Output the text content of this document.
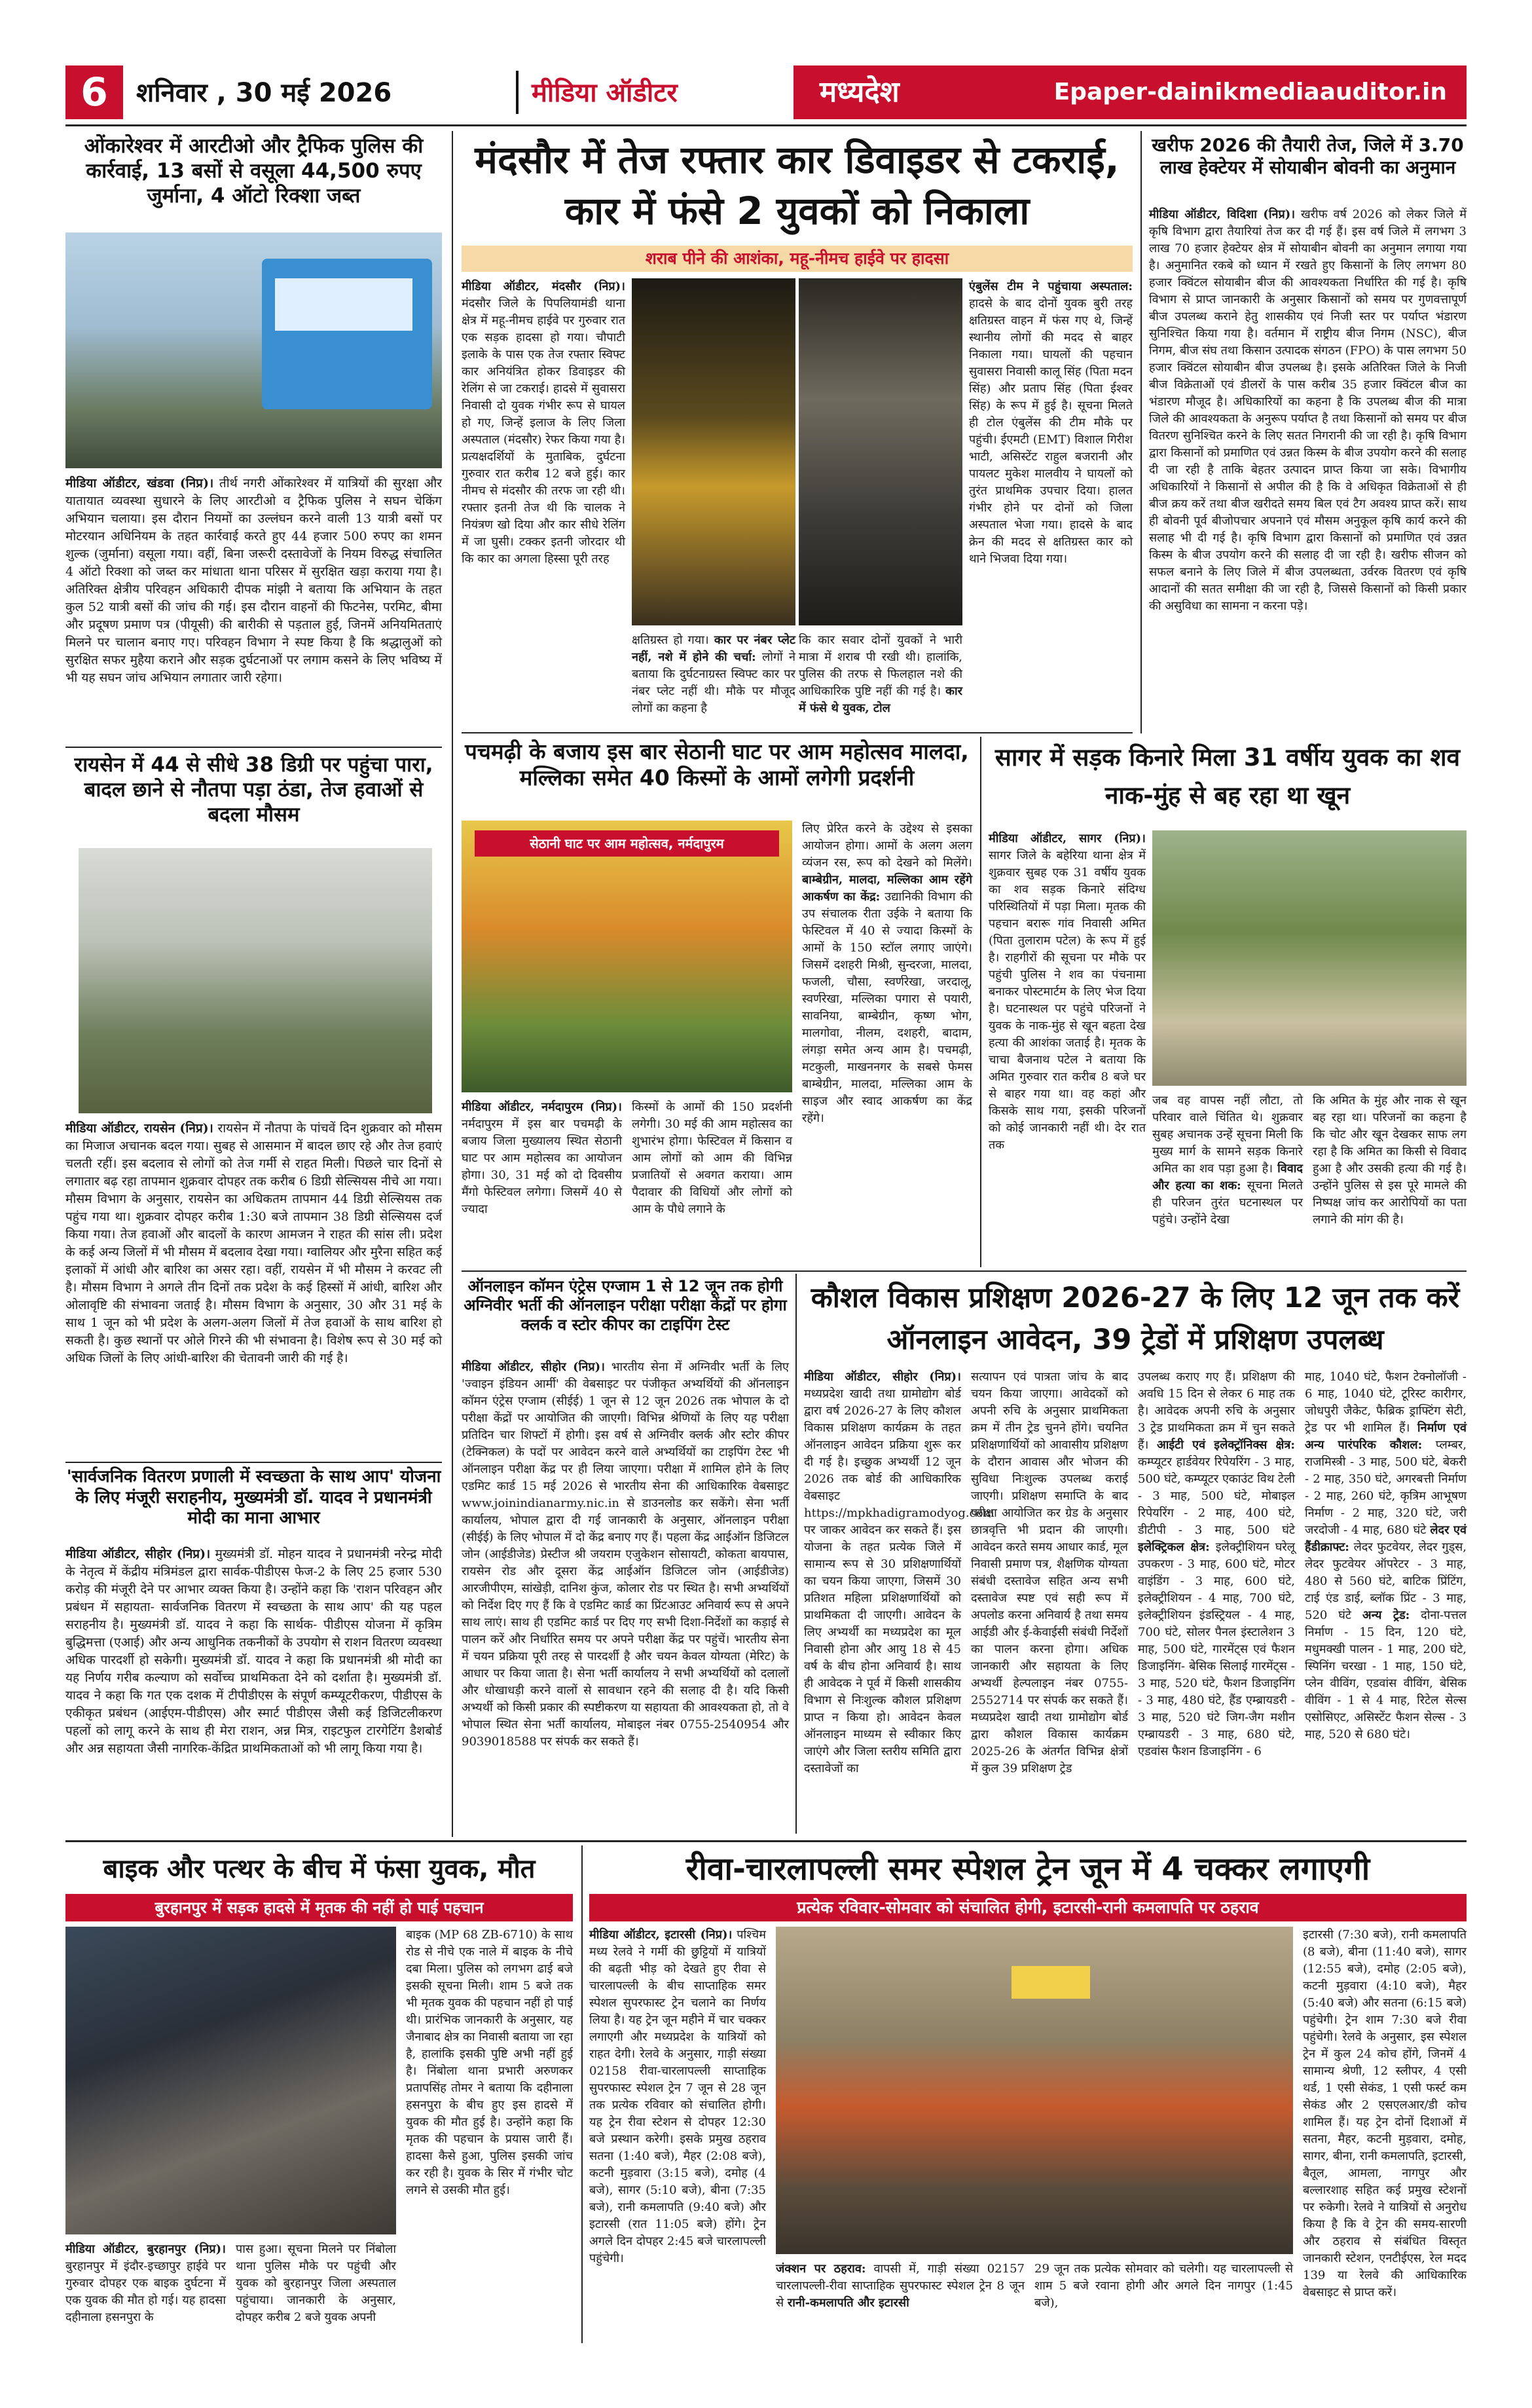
6	शनिवार , 30 मई 2026	मीडिया ऑडीटर	मध्यदेश	Epaper-dainikmediaauditor.in
ओंकारेश्वर में आरटीओ और ट्रैफिक पुलिस की कार्रवाई, 13 बसों से वसूला 44,500 रुपए जुर्माना, 4 ऑटो रिक्शा जब्त
मीडिया ऑडीटर, खंडवा (निप्र)। तीर्थ नगरी ओंकारेश्वर में यात्रियों की सुरक्षा और यातायात व्यवस्था सुधारने के लिए आरटीओ व ट्रैफिक पुलिस ने सघन चेकिंग अभियान चलाया। इस दौरान नियमों का उल्लंघन करने वाली 13 यात्री बसों पर मोटरयान अधिनियम के तहत कार्रवाई करते हुए 44 हजार 500 रुपए का शमन शुल्क (जुर्माना) वसूला गया। वहीं, बिना जरूरी दस्तावेजों के नियम विरुद्ध संचालित 4 ऑटो रिक्शा को जब्त कर मांधाता थाना परिसर में सुरक्षित खड़ा कराया गया है। अतिरिक्त क्षेत्रीय परिवहन अधिकारी दीपक मांझी ने बताया कि अभियान के तहत कुल 52 यात्री बसों की जांच की गई। इस दौरान वाहनों की फिटनेस, परमिट, बीमा और प्रदूषण प्रमाण पत्र (पीयूसी) की बारीकी से पड़ताल हुई, जिनमें अनियमितताएं मिलने पर चालान बनाए गए। परिवहन विभाग ने स्पष्ट किया है कि श्रद्धालुओं को सुरक्षित सफर मुहैया कराने और सड़क दुर्घटनाओं पर लगाम कसने के लिए भविष्य में भी यह सघन जांच अभियान लगातार जारी रहेगा।
रायसेन में 44 से सीधे 38 डिग्री पर पहुंचा पारा, बादल छाने से नौतपा पड़ा ठंडा, तेज हवाओं से बदला मौसम
मीडिया ऑडीटर, रायसेन (निप्र)। रायसेन में नौतपा के पांचवें दिन शुक्रवार को मौसम का मिजाज अचानक बदल गया। सुबह से आसमान में बादल छाए रहे और तेज हवाएं चलती रहीं। इस बदलाव से लोगों को तेज गर्मी से राहत मिली। पिछले चार दिनों से लगातार बढ़ रहा तापमान शुक्रवार दोपहर तक करीब 6 डिग्री सेल्सियस नीचे आ गया। मौसम विभाग के अनुसार, रायसेन का अधिकतम तापमान 44 डिग्री सेल्सियस तक पहुंच गया था। शुक्रवार दोपहर करीब 1:30 बजे तापमान 38 डिग्री सेल्सियस दर्ज किया गया। तेज हवाओं और बादलों के कारण आमजन ने राहत की सांस ली। प्रदेश के कई अन्य जिलों में भी मौसम में बदलाव देखा गया। ग्वालियर और मुरैना सहित कई इलाकों में आंधी और बारिश का असर रहा। वहीं, रायसेन में भी मौसम ने करवट ली है। मौसम विभाग ने अगले तीन दिनों तक प्रदेश के कई हिस्सों में आंधी, बारिश और ओलावृष्टि की संभावना जताई है। मौसम विभाग के अनुसार, 30 और 31 मई के साथ 1 जून को भी प्रदेश के अलग-अलग जिलों में तेज हवाओं के साथ बारिश हो सकती है। कुछ स्थानों पर ओले गिरने की भी संभावना है। विशेष रूप से 30 मई को अधिक जिलों के लिए आंधी-बारिश की चेतावनी जारी की गई है।
'सार्वजनिक वितरण प्रणाली में स्वच्छता के साथ आप' योजना के लिए मंजूरी सराहनीय, मुख्यमंत्री डॉ. यादव ने प्रधानमंत्री मोदी का माना आभार
मीडिया ऑडीटर, सीहोर (निप्र)। मुख्यमंत्री डॉ. मोहन यादव ने प्रधानमंत्री नरेन्द्र मोदी के नेतृत्व में केंद्रीय मंत्रिमंडल द्वारा सार्वक-पीडीएस फेज-2 के लिए 25 हजार 530 करोड़ की मंजूरी देने पर आभार व्यक्त किया है। उन्होंने कहा कि 'राशन परिवहन और प्रबंधन में सहायता- सार्वजनिक वितरण में स्वच्छता के साथ आप' की यह पहल सराहनीय है। मुख्यमंत्री डॉ. यादव ने कहा कि सार्थक- पीडीएस योजना में कृत्रिम बुद्धिमत्ता (एआई) और अन्य आधुनिक तकनीकों के उपयोग से राशन वितरण व्यवस्था अधिक पारदर्शी हो सकेगी। मुख्यमंत्री डॉ. यादव ने कहा कि प्रधानमंत्री श्री मोदी का यह निर्णय गरीब कल्याण को सर्वोच्च प्राथमिकता देने को दर्शाता है। मुख्यमंत्री डॉ. यादव ने कहा कि गत एक दशक में टीपीडीएस के संपूर्ण कम्प्यूटरीकरण, पीडीएस के एकीकृत प्रबंधन (आईएम-पीडीएस) और स्मार्ट पीडीएस जैसी कई डिजिटलीकरण पहलों को लागू करने के साथ ही मेरा राशन, अन्न मित्र, राइटफुल टारगेटिंग डैशबोर्ड और अन्न सहायता जैसी नागरिक-केंद्रित प्राथमिकताओं को भी लागू किया गया है।
मंदसौर में तेज रफ्तार कार डिवाइडर से टकराई, कार में फंसे 2 युवकों को निकाला
शराब पीने की आशंका, महू-नीमच हाईवे पर हादसा
मीडिया ऑडीटर, मंदसौर (निप्र)। मंदसौर जिले के पिपलियामंडी थाना क्षेत्र में महू-नीमच हाईवे पर गुरुवार रात एक सड़क हादसा हो गया। चौपाटी इलाके के पास एक तेज रफ्तार स्विफ्ट कार अनियंत्रित होकर डिवाइडर की रेलिंग से जा टकराई। हादसे में सुवासरा निवासी दो युवक गंभीर रूप से घायल हो गए, जिन्हें इलाज के लिए जिला अस्पताल (मंदसौर) रेफर किया गया है। प्रत्यक्षदर्शियों के मुताबिक, दुर्घटना गुरुवार रात करीब 12 बजे हुई। कार नीमच से मंदसौर की तरफ जा रही थी। रफ्तार इतनी तेज थी कि चालक ने नियंत्रण खो दिया और कार सीधे रेलिंग में जा घुसी। टक्कर इतनी जोरदार थी कि कार का अगला हिस्सा पूरी तरह
एंबुलेंस टीम ने पहुंचाया अस्पताल: हादसे के बाद दोनों युवक बुरी तरह क्षतिग्रस्त वाहन में फंस गए थे, जिन्हें स्थानीय लोगों की मदद से बाहर निकाला गया। घायलों की पहचान सुवासरा निवासी कालू सिंह (पिता मदन सिंह) और प्रताप सिंह (पिता ईश्वर सिंह) के रूप में हुई है। सूचना मिलते ही टोल एंबुलेंस की टीम मौके पर पहुंची। ईएमटी (EMT) विशाल गिरीश भाटी, असिस्टेंट राहुल बजरानी और पायलट मुकेश मालवीय ने घायलों को तुरंत प्राथमिक उपचार दिया। हालत गंभीर होने पर दोनों को जिला अस्पताल भेजा गया। हादसे के बाद क्रेन की मदद से क्षतिग्रस्त कार को थाने भिजवा दिया गया।
क्षतिग्रस्त हो गया। कार पर नंबर प्लेट नहीं, नशे में होने की चर्चा: लोगों ने बताया कि दुर्घटनाग्रस्त स्विफ्ट कार पर नंबर प्लेट नहीं थी। मौके पर मौजूद लोगों का कहना है
कि कार सवार दोनों युवकों ने भारी मात्रा में शराब पी रखी थी। हालांकि, पुलिस की तरफ से फिलहाल नशे की आधिकारिक पुष्टि नहीं की गई है। कार में फंसे थे युवक, टोल
खरीफ 2026 की तैयारी तेज, जिले में 3.70 लाख हेक्टेयर में सोयाबीन बोवनी का अनुमान
मीडिया ऑडीटर, विदिशा (निप्र)। खरीफ वर्ष 2026 को लेकर जिले में कृषि विभाग द्वारा तैयारियां तेज कर दी गई हैं। इस वर्ष जिले में लगभग 3 लाख 70 हजार हेक्टेयर क्षेत्र में सोयाबीन बोवनी का अनुमान लगाया गया है। अनुमानित रकबे को ध्यान में रखते हुए किसानों के लिए लगभग 80 हजार क्विंटल सोयाबीन बीज की आवश्यकता निर्धारित की गई है। कृषि विभाग से प्राप्त जानकारी के अनुसार किसानों को समय पर गुणवत्तापूर्ण बीज उपलब्ध कराने हेतु शासकीय एवं निजी स्तर पर पर्याप्त भंडारण सुनिश्चित किया गया है। वर्तमान में राष्ट्रीय बीज निगम (NSC), बीज निगम, बीज संघ तथा किसान उत्पादक संगठन (FPO) के पास लगभग 50 हजार क्विंटल सोयाबीन बीज उपलब्ध है। इसके अतिरिक्त जिले के निजी बीज विक्रेताओं एवं डीलरों के पास करीब 35 हजार क्विंटल बीज का भंडारण मौजूद है। अधिकारियों का कहना है कि उपलब्ध बीज की मात्रा जिले की आवश्यकता के अनुरूप पर्याप्त है तथा किसानों को समय पर बीज वितरण सुनिश्चित करने के लिए सतत निगरानी की जा रही है। कृषि विभाग द्वारा किसानों को प्रमाणित एवं उन्नत किस्म के बीज उपयोग करने की सलाह दी जा रही है ताकि बेहतर उत्पादन प्राप्त किया जा सके। विभागीय अधिकारियों ने किसानों से अपील की है कि वे अधिकृत विक्रेताओं से ही बीज क्रय करें तथा बीज खरीदते समय बिल एवं टैग अवश्य प्राप्त करें। साथ ही बोवनी पूर्व बीजोपचार अपनाने एवं मौसम अनुकूल कृषि कार्य करने की सलाह भी दी गई है। कृषि विभाग द्वारा किसानों को प्रमाणित एवं उन्नत किस्म के बीज उपयोग करने की सलाह दी जा रही है। खरीफ सीजन को सफल बनाने के लिए जिले में बीज उपलब्धता, उर्वरक वितरण एवं कृषि आदानों की सतत समीक्षा की जा रही है, जिससे किसानों को किसी प्रकार की असुविधा का सामना न करना पड़े।
पचमढ़ी के बजाय इस बार सेठानी घाट पर आम महोत्सव मालदा, मल्लिका समेत 40 किस्मों के आमों लगेगी प्रदर्शनी
सेठानी घाट पर आम महोत्सव, नर्मदापुरम
मीडिया ऑडीटर, नर्मदापुरम (निप्र)। नर्मदापुरम में इस बार पचमढ़ी के बजाय जिला मुख्यालय स्थित सेठानी घाट पर आम महोत्सव का आयोजन होगा। 30, 31 मई को दो दिवसीय मैंगो फेस्टिवल लगेगा। जिसमें 40 से ज्यादा
किस्मों के आमों की 150 प्रदर्शनी लगेगी। 30 मई की आम महोत्सव का शुभारंभ होगा। फेस्टिवल में किसान व आम लोगों को आम की विभिन्न प्रजातियों से अवगत कराया। आम पैदावार की विधियों और लोगों को आम के पौधे लगाने के
लिए प्रेरित करने के उद्देश्य से इसका आयोजन होगा। आमों के अलग अलग व्यंजन रस, रूप को देखने को मिलेंगे। बाम्बेग्रीन, मालदा, मल्लिका आम रहेंगे आकर्षण का केंद्र: उद्यानिकी विभाग की उप संचालक रीता उईके ने बताया कि फेस्टिवल में 40 से ज्यादा किस्मों के आमों के 150 स्टॉल लगाए जाएंगे। जिसमें दशहरी मिश्री, सुन्दरजा, मालदा, फजली, चौसा, स्वर्णरेखा, जरदालू, स्वर्णरेखा, मल्लिका पगारा से पयारी, सावनिया, बाम्बेग्रीन, कृष्ण भोग, मालगोवा, नीलम, दशहरी, बादाम, लंगड़ा समेत अन्य आम है। पचमढ़ी, मटकुली, माखननगर के सबसे फेमस बाम्बेग्रीन, मालदा, मल्लिका आम के साइज और स्वाद आकर्षण का केंद्र रहेंगे।
सागर में सड़क किनारे मिला 31 वर्षीय युवक का शव नाक-मुंह से बह रहा था खून
मीडिया ऑडीटर, सागर (निप्र)। सागर जिले के बहेरिया थाना क्षेत्र में शुक्रवार सुबह एक 31 वर्षीय युवक का शव सड़क किनारे संदिग्ध परिस्थितियों में पड़ा मिला। मृतक की पहचान बरारू गांव निवासी अमित (पिता तुलाराम पटेल) के रूप में हुई है। राहगीरों की सूचना पर मौके पर पहुंची पुलिस ने शव का पंचनामा बनाकर पोस्टमार्टम के लिए भेज दिया है। घटनास्थल पर पहुंचे परिजनों ने युवक के नाक-मुंह से खून बहता देख हत्या की आशंका जताई है। मृतक के चाचा बैजनाथ पटेल ने बताया कि अमित गुरुवार रात करीब 8 बजे घर से बाहर गया था। वह कहां और किसके साथ गया, इसकी परिजनों को कोई जानकारी नहीं थी। देर रात तक
जब वह वापस नहीं लौटा, तो परिवार वाले चिंतित थे। शुक्रवार सुबह अचानक उन्हें सूचना मिली कि मुख्य मार्ग के सामने सड़क किनारे अमित का शव पड़ा हुआ है। विवाद और हत्या का शक: सूचना मिलते ही परिजन तुरंत घटनास्थल पर पहुंचे। उन्होंने देखा
कि अमित के मुंह और नाक से खून बह रहा था। परिजनों का कहना है कि चोट और खून देखकर साफ लग रहा है कि अमित का किसी से विवाद हुआ है और उसकी हत्या की गई है। उन्होंने पुलिस से इस पूरे मामले की निष्पक्ष जांच कर आरोपियों का पता लगाने की मांग की है।
ऑनलाइन कॉमन एंट्रेस एग्जाम 1 से 12 जून तक होगी अग्निवीर भर्ती की ऑनलाइन परीक्षा परीक्षा केंद्रों पर होगा क्लर्क व स्टोर कीपर का टाइपिंग टेस्ट
मीडिया ऑडीटर, सीहोर (निप्र)। भारतीय सेना में अग्निवीर भर्ती के लिए 'ज्वाइन इंडियन आर्मी' की वेबसाइट पर पंजीकृत अभ्यर्थियों की ऑनलाइन कॉमन एंट्रेस एग्जाम (सीईई) 1 जून से 12 जून 2026 तक भोपाल के दो परीक्षा केंद्रों पर आयोजित की जाएगी। विभिन्न श्रेणियों के लिए यह परीक्षा प्रतिदिन चार शिफ्टों में होगी। इस वर्ष से अग्निवीर क्लर्क और स्टोर कीपर (टेक्निकल) के पदों पर आवेदन करने वाले अभ्यर्थियों का टाइपिंग टेस्ट भी ऑनलाइन परीक्षा केंद्र पर ही लिया जाएगा। परीक्षा में शामिल होने के लिए एडमिट कार्ड 15 मई 2026 से भारतीय सेना की आधिकारिक वेबसाइट www.joinindianarmy.nic.in से डाउनलोड कर सकेंगे। सेना भर्ती कार्यालय, भोपाल द्वारा दी गई जानकारी के अनुसार, ऑनलाइन परीक्षा (सीईई) के लिए भोपाल में दो केंद्र बनाए गए हैं। पहला केंद्र आईऑन डिजिटल जोन (आईडीजेड) प्रेस्टीज श्री जयराम एजुकेशन सोसायटी, कोकता बायपास, रायसेन रोड और दूसरा केंद्र आईऑन डिजिटल जोन (आईडीजेड) आरजीपीएम, सांखेड़ी, दानिश कुंज, कोलार रोड पर स्थित है। सभी अभ्यर्थियों को निर्देश दिए गए हैं कि वे एडमिट कार्ड का प्रिंटआउट अनिवार्य रूप से अपने साथ लाएं। साथ ही एडमिट कार्ड पर दिए गए सभी दिशा-निर्देशों का कड़ाई से पालन करें और निर्धारित समय पर अपने परीक्षा केंद्र पर पहुंचें। भारतीय सेना में चयन प्रक्रिया पूरी तरह से पारदर्शी है और चयन केवल योग्यता (मेरिट) के आधार पर किया जाता है। सेना भर्ती कार्यालय ने सभी अभ्यर्थियों को दलालों और धोखाधड़ी करने वालों से सावधान रहने की सलाह दी है। यदि किसी अभ्यर्थी को किसी प्रकार की स्पष्टीकरण या सहायता की आवश्यकता हो, तो वे भोपाल स्थित सेना भर्ती कार्यालय, मोबाइल नंबर 0755-2540954 और 9039018588 पर संपर्क कर सकते हैं।
कौशल विकास प्रशिक्षण 2026-27 के लिए 12 जून तक करें ऑनलाइन आवेदन, 39 ट्रेडों में प्रशिक्षण उपलब्ध
मीडिया ऑडीटर, सीहोर (निप्र)। मध्यप्रदेश खादी तथा ग्रामोद्योग बोर्ड द्वारा वर्ष 2026-27 के लिए कौशल विकास प्रशिक्षण कार्यक्रम के तहत ऑनलाइन आवेदन प्रक्रिया शुरू कर दी गई है। इच्छुक अभ्यर्थी 12 जून 2026 तक बोर्ड की आधिकारिक वेबसाइट https://mpkhadigramodyog.com पर जाकर आवेदन कर सकते हैं। इस योजना के तहत प्रत्येक जिले में सामान्य रूप से 30 प्रशिक्षणार्थियों का चयन किया जाएगा, जिसमें 30 प्रतिशत महिला प्रशिक्षणार्थियों को प्राथमिकता दी जाएगी। आवेदन के लिए अभ्यर्थी का मध्यप्रदेश का मूल निवासी होना और आयु 18 से 45 वर्ष के बीच होना अनिवार्य है। साथ ही आवेदक ने पूर्व में किसी शासकीय विभाग से निःशुल्क कौशल प्रशिक्षण प्राप्त न किया हो। आवेदन केवल ऑनलाइन माध्यम से स्वीकार किए जाएंगे और जिला स्तरीय समिति द्वारा दस्तावेजों का
सत्यापन एवं पात्रता जांच के बाद चयन किया जाएगा। आवेदकों को अपनी रुचि के अनुसार प्राथमिकता क्रम में तीन ट्रेड चुनने होंगे। चयनित प्रशिक्षणार्थियों को आवासीय प्रशिक्षण के दौरान आवास और भोजन की सुविधा निःशुल्क उपलब्ध कराई जाएगी। प्रशिक्षण समाप्ति के बाद परीक्षा आयोजित कर ग्रेड के अनुसार छात्रवृत्ति भी प्रदान की जाएगी। आवेदन करते समय आधार कार्ड, मूल निवासी प्रमाण पत्र, शैक्षणिक योग्यता संबंधी दस्तावेज सहित अन्य सभी दस्तावेज स्पष्ट एवं सही रूप में अपलोड करना अनिवार्य है तथा समय आईडी और ई-केवाईसी संबंधी निर्देशों का पालन करना होगा। अधिक जानकारी और सहायता के लिए अभ्यर्थी हेल्पलाइन नंबर 0755-2552714 पर संपर्क कर सकते हैं। मध्यप्रदेश खादी तथा ग्रामोद्योग बोर्ड द्वारा कौशल विकास कार्यक्रम 2025-26 के अंतर्गत विभिन्न क्षेत्रों में कुल 39 प्रशिक्षण ट्रेड
उपलब्ध कराए गए हैं। प्रशिक्षण की अवधि 15 दिन से लेकर 6 माह तक है। आवेदक अपनी रुचि के अनुसार 3 ट्रेड प्राथमिकता क्रम में चुन सकते हैं। आईटी एवं इलेक्ट्रॉनिक्स क्षेत्र: कम्प्यूटर हार्डवेयर रिपेयरिंग - 3 माह, 500 घंटे, कम्प्यूटर एकाउंट विथ टेली - 3 माह, 500 घंटे, मोबाइल रिपेयरिंग - 2 माह, 400 घंटे, डीटीपी - 3 माह, 500 घंटे इलेक्ट्रिकल क्षेत्र: इलेक्ट्रीशियन घरेलू उपकरण - 3 माह, 600 घंटे, मोटर वाइंडिंग - 3 माह, 600 घंटे, इलेक्ट्रीशियन - 4 माह, 700 घंटे, इलेक्ट्रीशियन इंडस्ट्रियल - 4 माह, 700 घंटे, सोलर पैनल इंस्टालेशन 3 माह, 500 घंटे, गारमेंट्स एवं फैशन डिजाइनिंग- बेसिक सिलाई गारमेंट्स - 3 माह, 520 घंटे, फैशन डिजाइनिंग - 3 माह, 480 घंटे, हैंड एम्ब्रायडरी - 3 माह, 520 घंटे जिग-जैग मशीन एम्ब्रायडरी - 3 माह, 680 घंटे, एडवांस फैशन डिजाइनिंग - 6
माह, 1040 घंटे, फैशन टेक्नोलॉजी - 6 माह, 1040 घंटे, टूरिस्ट कारीगर, जोधपुरी जैकेट, फैब्रिक ड्राफ्टिंग सेटी, ट्रेड पर भी शामिल हैं। निर्माण एवं अन्य पारंपरिक कौशल: प्लम्बर, राजमिस्त्री - 3 माह, 500 घंटे, बेकरी - 2 माह, 350 घंटे, अगरबत्ती निर्माण - 2 माह, 260 घंटे, कृत्रिम आभूषण निर्माण - 2 माह, 320 घंटे, जरी जरदोजी - 4 माह, 680 घंटे लेदर एवं हैंडीक्राफ्ट: लेदर फुटवेयर, लेदर गुड्स, लेदर फुटवेयर ऑपरेटर - 3 माह, 480 से 560 घंटे, बाटिक प्रिंटिंग, टाई एंड डाई, ब्लॉक प्रिंट - 3 माह, 520 घंटे अन्य ट्रेड: दोना-पत्तल निर्माण - 15 दिन, 120 घंटे, मधुमक्खी पालन - 1 माह, 200 घंटे, स्पिनिंग चरखा - 1 माह, 150 घंटे, प्लेन वीविंग, एडवांस वीविंग, बेसिक वीविंग - 1 से 4 माह, रिटेल सेल्स एसोसिएट, असिस्टेंट फैशन सेल्स - 3 माह, 520 से 680 घंटे।
बाइक और पत्थर के बीच में फंसा युवक, मौत
बुरहानपुर में सड़क हादसे में मृतक की नहीं हो पाई पहचान
मीडिया ऑडीटर, बुरहानपुर (निप्र)। बुरहानपुर में इंदौर-इच्छापुर हाईवे पर गुरुवार दोपहर एक बाइक दुर्घटना में एक युवक की मौत हो गई। यह हादसा दहीनाला हसनपुरा के
पास हुआ। सूचना मिलने पर निंबोला थाना पुलिस मौके पर पहुंची और युवक को बुरहानपुर जिला अस्पताल पहुंचाया। जानकारी के अनुसार, दोपहर करीब 2 बजे युवक अपनी
बाइक (MP 68 ZB-6710) के साथ रोड से नीचे एक नाले में बाइक के नीचे दबा मिला। पुलिस को लगभग ढाई बजे इसकी सूचना मिली। शाम 5 बजे तक भी मृतक युवक की पहचान नहीं हो पाई थी। प्रारंभिक जानकारी के अनुसार, यह जैनाबाद क्षेत्र का निवासी बताया जा रहा है, हालांकि इसकी पुष्टि अभी नहीं हुई है। निंबोला थाना प्रभारी अरुणकर प्रतापसिंह तोमर ने बताया कि दहीनाला हसनपुरा के बीच हुए इस हादसे में युवक की मौत हुई है। उन्होंने कहा कि मृतक की पहचान के प्रयास जारी हैं। हादसा कैसे हुआ, पुलिस इसकी जांच कर रही है। युवक के सिर में गंभीर चोट लगने से उसकी मौत हुई।
रीवा-चारलापल्ली समर स्पेशल ट्रेन जून में 4 चक्कर लगाएगी
प्रत्येक रविवार-सोमवार को संचालित होगी, इटारसी-रानी कमलापति पर ठहराव
मीडिया ऑडीटर, इटारसी (निप्र)। पश्चिम मध्य रेलवे ने गर्मी की छुट्टियों में यात्रियों की बढ़ती भीड़ को देखते हुए रीवा से चारलापल्ली के बीच साप्ताहिक समर स्पेशल सुपरफास्ट ट्रेन चलाने का निर्णय लिया है। यह ट्रेन जून महीने में चार चक्कर लगाएगी और मध्यप्रदेश के यात्रियों को राहत देगी। रेलवे के अनुसार, गाड़ी संख्या 02158 रीवा-चारलापल्ली साप्ताहिक सुपरफास्ट स्पेशल ट्रेन 7 जून से 28 जून तक प्रत्येक रविवार को संचालित होगी। यह ट्रेन रीवा स्टेशन से दोपहर 12:30 बजे प्रस्थान करेगी। इसके प्रमुख ठहराव सतना (1:40 बजे), मैहर (2:08 बजे), कटनी मुड़वारा (3:15 बजे), दमोह (4 बजे), सागर (5:10 बजे), बीना (7:35 बजे), रानी कमलापति (9:40 बजे) और इटारसी (रात 11:05 बजे) होंगे। ट्रेन अगले दिन दोपहर 2:45 बजे चारलापल्ली पहुंचेगी।
जंक्शन पर ठहराव: वापसी में, गाड़ी संख्या 02157 चारलापल्ली-रीवा साप्ताहिक सुपरफास्ट स्पेशल ट्रेन 8 जून से रानी-कमलापति और इटारसी
29 जून तक प्रत्येक सोमवार को चलेगी। यह चारलापल्ली से शाम 5 बजे रवाना होगी और अगले दिन नागपुर (1:45 बजे),
इटारसी (7:30 बजे), रानी कमलापति (8 बजे), बीना (11:40 बजे), सागर (12:55 बजे), दमोह (2:05 बजे), कटनी मुड़वारा (4:10 बजे), मैहर (5:40 बजे) और सतना (6:15 बजे) पहुंचेगी। ट्रेन शाम 7:30 बजे रीवा पहुंचेगी। रेलवे के अनुसार, इस स्पेशल ट्रेन में कुल 24 कोच होंगे, जिनमें 4 सामान्य श्रेणी, 12 स्लीपर, 4 एसी थर्ड, 1 एसी सेकंड, 1 एसी फर्स्ट कम सेकंड और 2 एसएलआर/डी कोच शामिल हैं। यह ट्रेन दोनों दिशाओं में सतना, मैहर, कटनी मुड़वारा, दमोह, सागर, बीना, रानी कमलापति, इटारसी, बैतूल, आमला, नागपुर और बल्लारशाह सहित कई प्रमुख स्टेशनों पर रुकेगी। रेलवे ने यात्रियों से अनुरोध किया है कि वे ट्रेन की समय-सारणी और ठहराव से संबंधित विस्तृत जानकारी स्टेशन, एनटीईएस, रेल मदद 139 या रेलवे की आधिकारिक वेबसाइट से प्राप्त करें।
